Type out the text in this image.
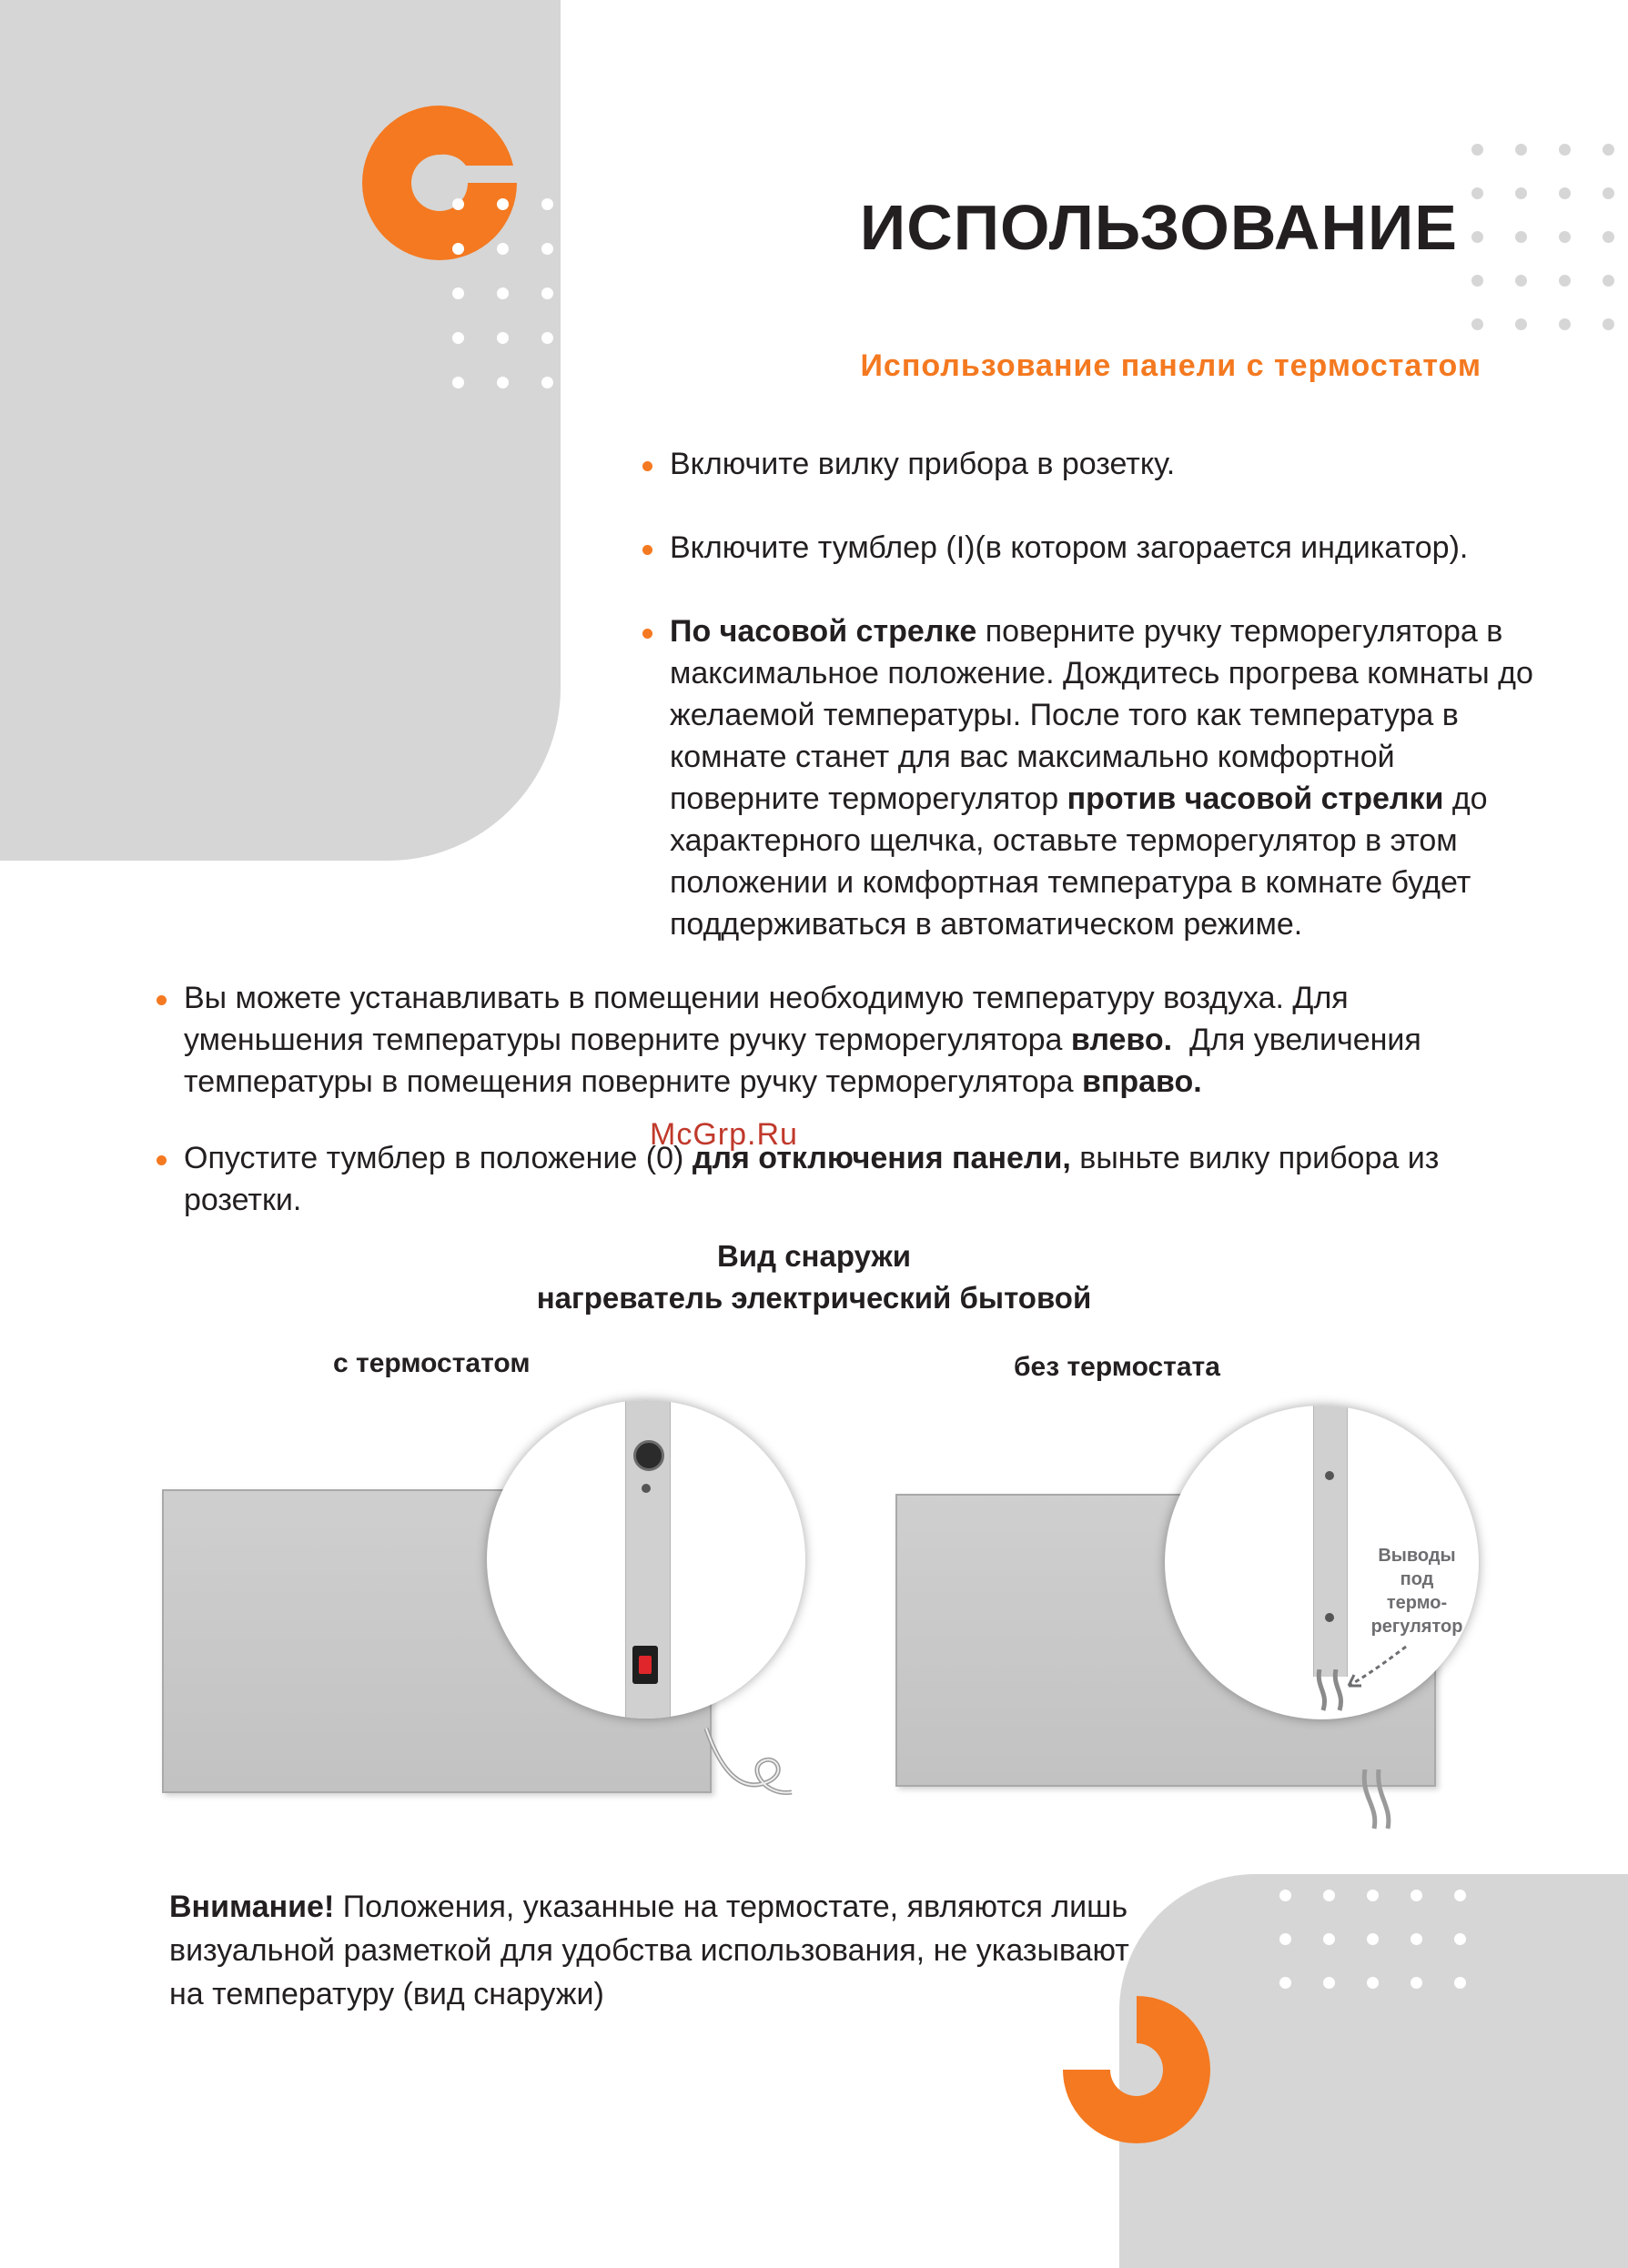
ИСПОЛЬЗОВАНИЕ
Использование панели с термостатом
Включите вилку прибора в розетку.
Включите тумблер (I)(в котором загорается индикатор).
По часовой стрелке поверните ручку терморегулятора в максимальное положение. Дождитесь прогрева комнаты до желаемой температуры. После того как температура в комнате станет для вас максимально комфортной поверните терморегулятор против часовой стрелки до характерного щелчка, оставьте терморегулятор в этом положении и комфортная температура в комнате будет поддерживаться в автоматическом режиме.
Вы можете устанавливать в помещении необходимую температуру воздуха. Для уменьшения температуры поверните ручку терморегулятора влево.  Для увеличения температуры в помещения поверните ручку терморегулятора вправо.
Опустите тумблер в положение (0) для отключения панели, выньте вилку прибора из розетки.
McGrp.Ru
Вид снаружи
нагреватель электрический бытовой
с термостатом	без термостата
Выводы
под
термо-
регулятор
Внимание! Положения, указанные на термостате, являются лишь визуальной разметкой для удобства использования, не указывают на температуру (вид снаружи)
